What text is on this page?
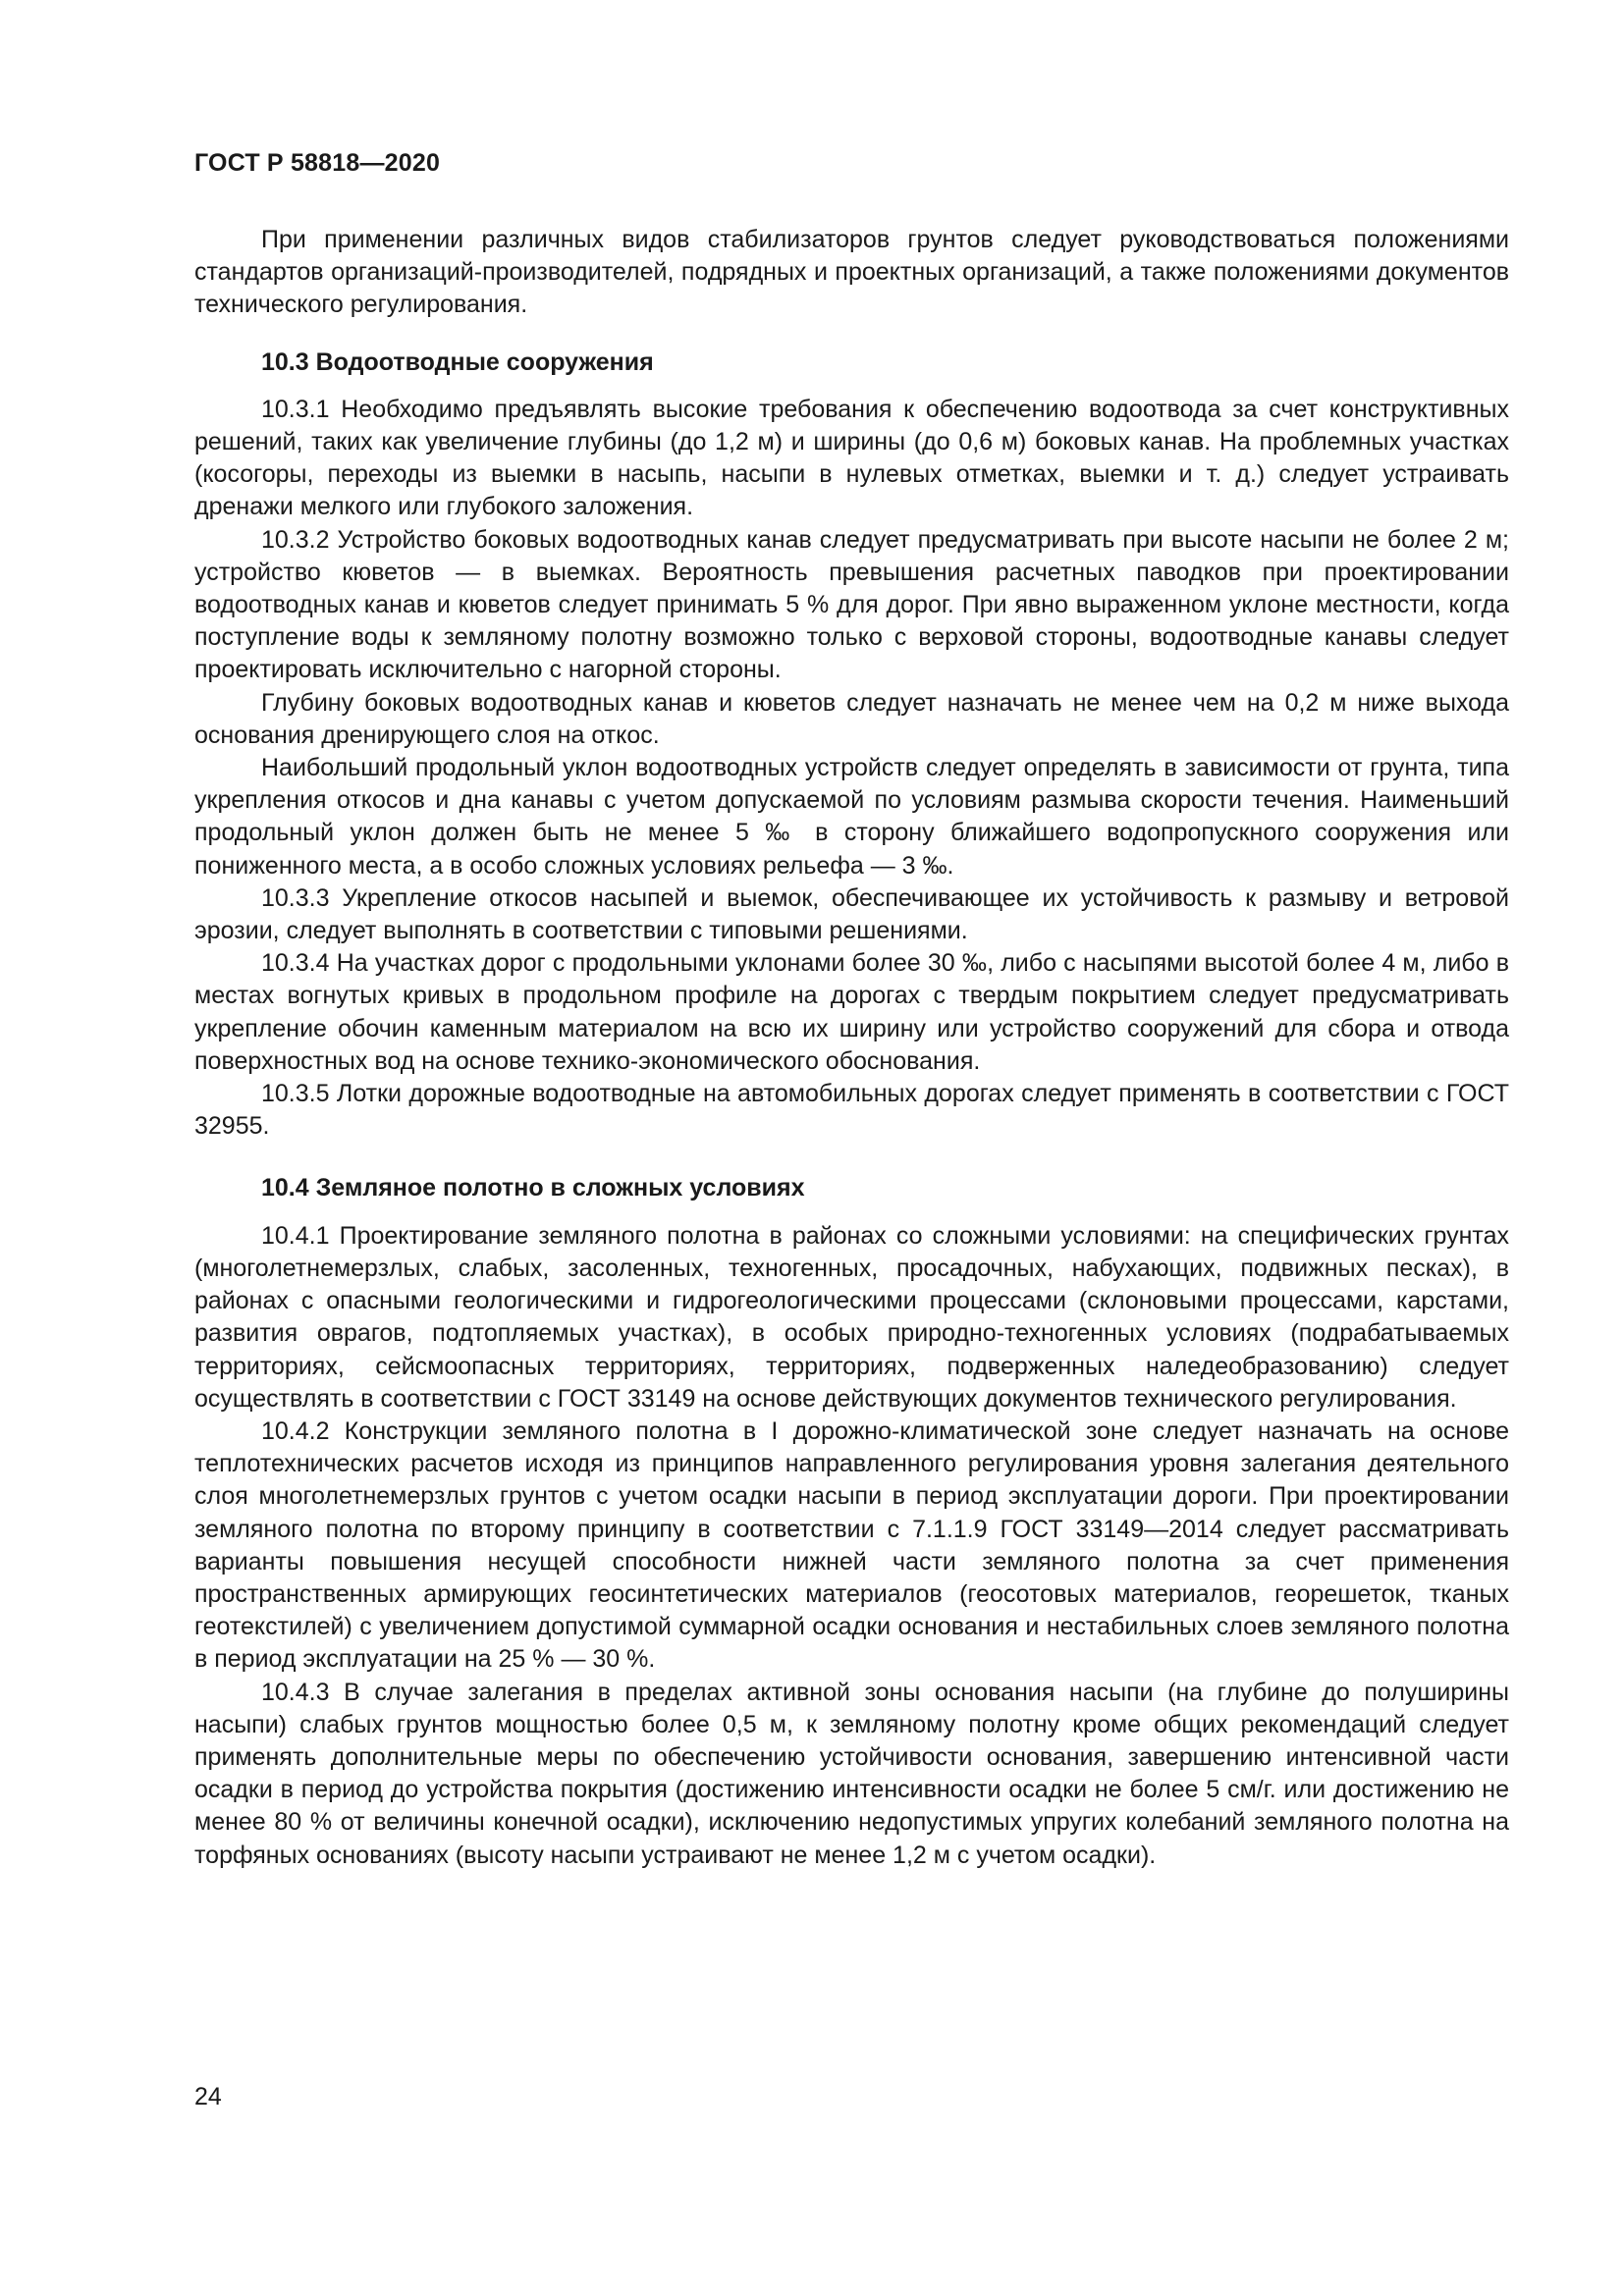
ГОСТ Р 58818—2020

При применении различных видов стабилизаторов грунтов следует руководствоваться положениями стандартов организаций-производителей, подрядных и проектных организаций, а также положениями документов технического регулирования.

10.3 Водоотводные сооружения

10.3.1 Необходимо предъявлять высокие требования к обеспечению водоотвода за счет конструктивных решений, таких как увеличение глубины (до 1,2 м) и ширины (до 0,6 м) боковых канав. На проблемных участках (косогоры, переходы из выемки в насыпь, насыпи в нулевых отметках, выемки и т. д.) следует устраивать дренажи мелкого или глубокого заложения.

10.3.2 Устройство боковых водоотводных канав следует предусматривать при высоте насыпи не более 2 м; устройство кюветов — в выемках. Вероятность превышения расчетных паводков при проектировании водоотводных канав и кюветов следует принимать 5 % для дорог. При явно выраженном уклоне местности, когда поступление воды к земляному полотну возможно только с верховой стороны, водоотводные канавы следует проектировать исключительно с нагорной стороны.

Глубину боковых водоотводных канав и кюветов следует назначать не менее чем на 0,2 м ниже выхода основания дренирующего слоя на откос.

Наибольший продольный уклон водоотводных устройств следует определять в зависимости от грунта, типа укрепления откосов и дна канавы с учетом допускаемой по условиям размыва скорости течения. Наименьший продольный уклон должен быть не менее 5 ‰ в сторону ближайшего водопропускного сооружения или пониженного места, а в особо сложных условиях рельефа — 3 ‰.

10.3.3 Укрепление откосов насыпей и выемок, обеспечивающее их устойчивость к размыву и ветровой эрозии, следует выполнять в соответствии с типовыми решениями.

10.3.4 На участках дорог с продольными уклонами более 30 ‰, либо с насыпями высотой более 4 м, либо в местах вогнутых кривых в продольном профиле на дорогах с твердым покрытием следует предусматривать укрепление обочин каменным материалом на всю их ширину или устройство сооружений для сбора и отвода поверхностных вод на основе технико-экономического обоснования.

10.3.5 Лотки дорожные водоотводные на автомобильных дорогах следует применять в соответствии с ГОСТ 32955.

10.4 Земляное полотно в сложных условиях

10.4.1 Проектирование земляного полотна в районах со сложными условиями: на специфических грунтах (многолетнемерзлых, слабых, засоленных, техногенных, просадочных, набухающих, подвижных песках), в районах с опасными геологическими и гидрогеологическими процессами (склоновыми процессами, карстами, развития оврагов, подтопляемых участках), в особых природно-техногенных условиях (подрабатываемых территориях, сейсмоопасных территориях, территориях, подверженных наледеобразованию) следует осуществлять в соответствии с ГОСТ 33149 на основе действующих документов технического регулирования.

10.4.2 Конструкции земляного полотна в I дорожно-климатической зоне следует назначать на основе теплотехнических расчетов исходя из принципов направленного регулирования уровня залегания деятельного слоя многолетнемерзлых грунтов с учетом осадки насыпи в период эксплуатации дороги. При проектировании земляного полотна по второму принципу в соответствии с 7.1.1.9 ГОСТ 33149—2014 следует рассматривать варианты повышения несущей способности нижней части земляного полотна за счет применения пространственных армирующих геосинтетических материалов (геосотовых материалов, георешеток, тканых геотекстилей) с увеличением допустимой суммарной осадки основания и нестабильных слоев земляного полотна в период эксплуатации на 25 % — 30 %.

10.4.3 В случае залегания в пределах активной зоны основания насыпи (на глубине до полуширины насыпи) слабых грунтов мощностью более 0,5 м, к земляному полотну кроме общих рекомендаций следует применять дополнительные меры по обеспечению устойчивости основания, завершению интенсивной части осадки в период до устройства покрытия (достижению интенсивности осадки не более 5 см/г. или достижению не менее 80 % от величины конечной осадки), исключению недопустимых упругих колебаний земляного полотна на торфяных основаниях (высоту насыпи устраивают не менее 1,2 м с учетом осадки).

24
